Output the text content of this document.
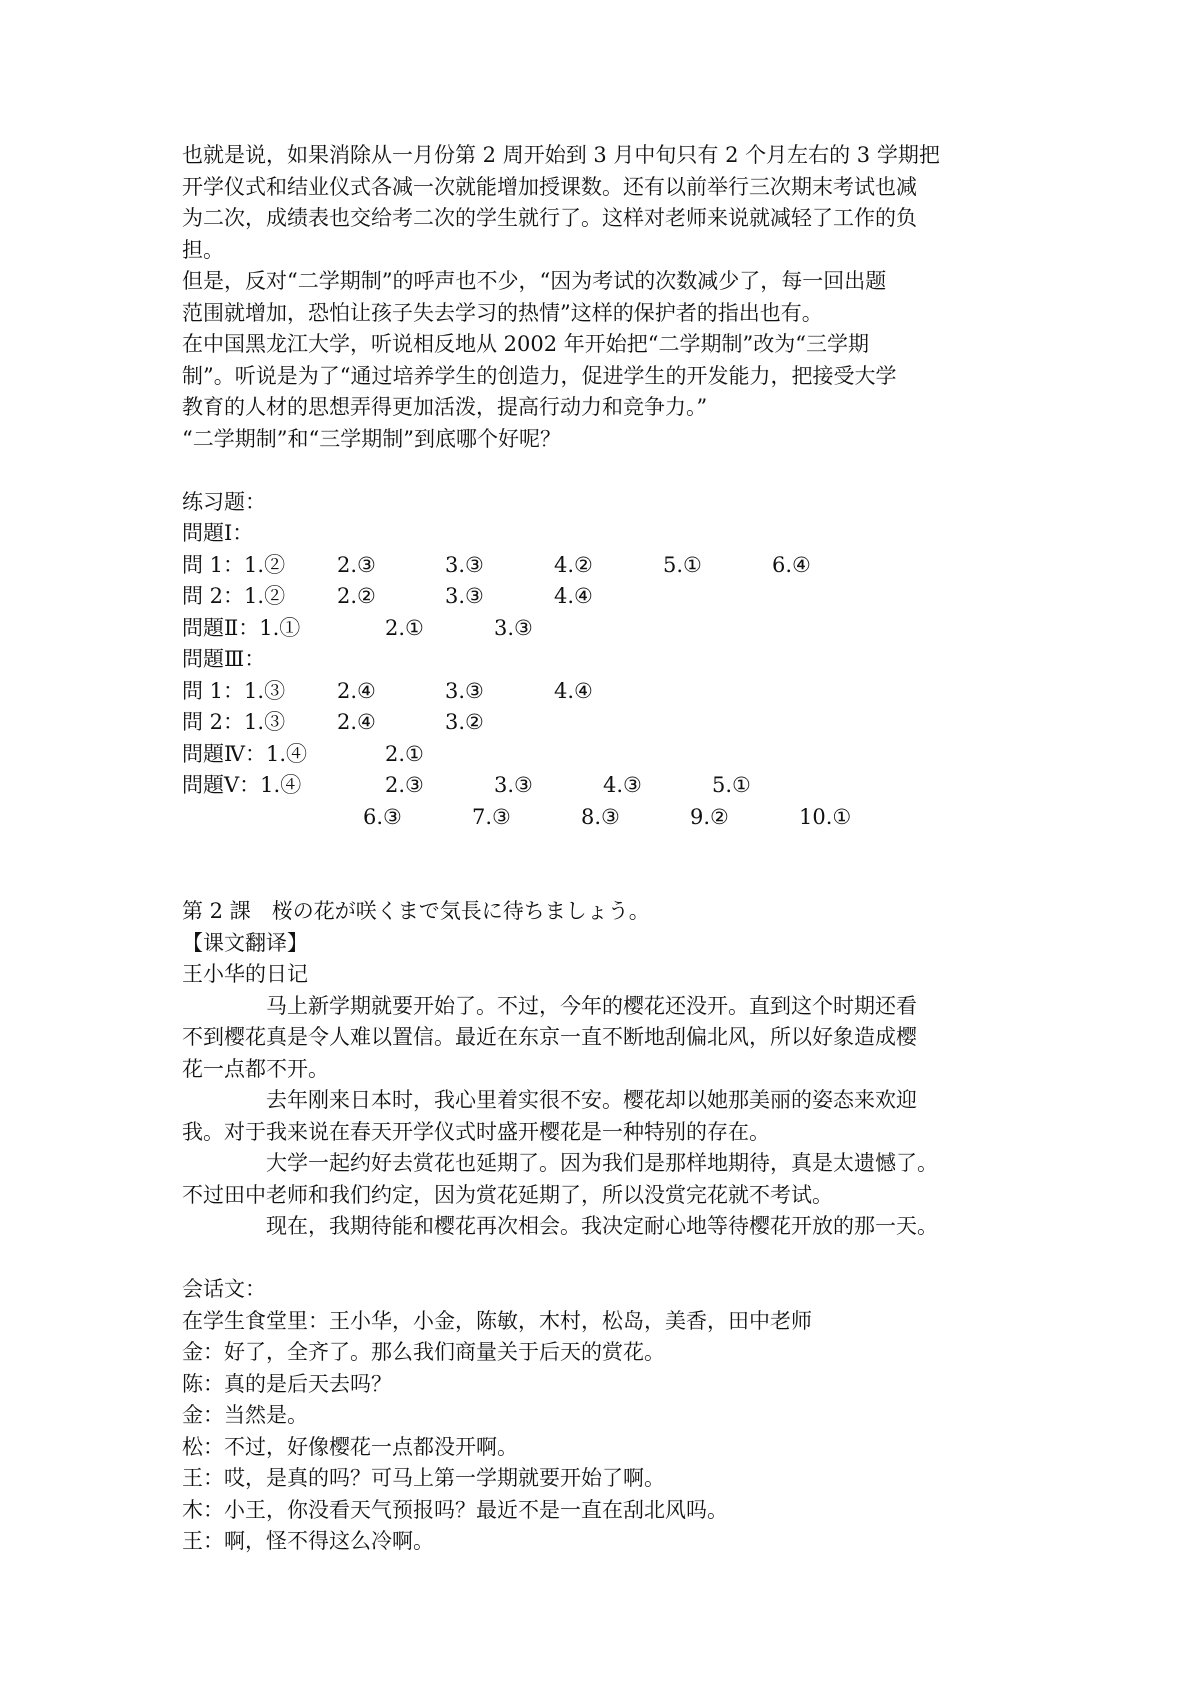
也就是说，如果消除从一月份第 2 周开始到 3 月中旬只有 2 个月左右的 3 学期把
开学仪式和结业仪式各减一次就能增加授课数。还有以前举行三次期末考试也减
为二次，成绩表也交给考二次的学生就行了。这样对老师来说就减轻了工作的负
担。
但是，反对“二学期制”的呼声也不少，“因为考试的次数减少了，每一回出题
范围就增加，恐怕让孩子失去学习的热情”这样的保护者的指出也有。
在中国黑龙江大学，听说相反地从 2002 年开始把“二学期制”改为“三学期
制”。听说是为了“通过培养学生的创造力，促进学生的开发能力，把接受大学
教育的人材的思想弄得更加活泼，提高行动力和竞争力。”
“二学期制”和“三学期制”到底哪个好呢？
练习题：
問題Ⅰ：
問 1：1.② 2.③	3.③	4.②	5.①	6.④
問 2：1.② 2.②	3.③	4.④
問題Ⅱ：1.①	2.①	3.③
問題Ⅲ：
問 1：1.③ 2.④	3.③	4.④
問 2：1.③ 2.④	3.②
問題Ⅳ：1.④	2.①
問題Ⅴ：1.④	2.③	3.③	4.③	5.①
6.③	7.③	8.③	9.②	10.①
第 2 課　桜の花が咲くまで気長に待ちましょう。
【课文翻译】
王小华的日记
马上新学期就要开始了。不过，今年的樱花还没开。直到这个时期还看
不到樱花真是令人难以置信。最近在东京一直不断地刮偏北风，所以好象造成樱
花一点都不开。
去年刚来日本时，我心里着实很不安。樱花却以她那美丽的姿态来欢迎
我。对于我来说在春天开学仪式时盛开樱花是一种特别的存在。
大学一起约好去赏花也延期了。因为我们是那样地期待，真是太遗憾了。
不过田中老师和我们约定，因为赏花延期了，所以没赏完花就不考试。
现在，我期待能和樱花再次相会。我决定耐心地等待樱花开放的那一天。
会话文：
在学生食堂里：王小华，小金，陈敏，木村，松岛，美香，田中老师
金：好了，全齐了。那么我们商量关于后天的赏花。
陈：真的是后天去吗？
金：当然是。
松：不过，好像樱花一点都没开啊。
王：哎，是真的吗？可马上第一学期就要开始了啊。
木：小王，你没看天气预报吗？最近不是一直在刮北风吗。
王：啊，怪不得这么冷啊。
